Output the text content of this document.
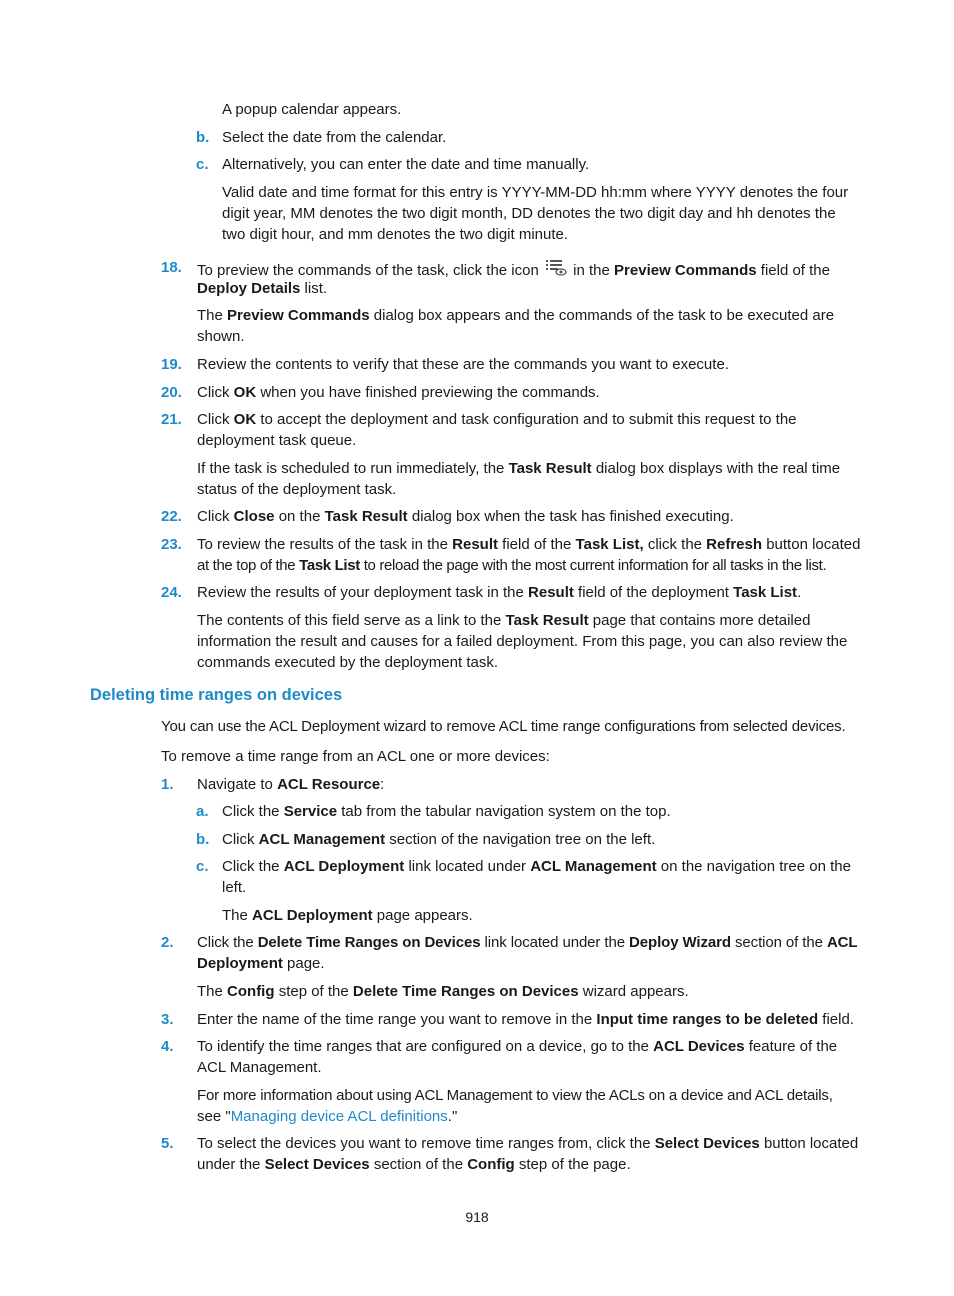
A popup calendar appears.
b. Select the date from the calendar.
c. Alternatively, you can enter the date and time manually.
Valid date and time format for this entry is YYYY-MM-DD hh:mm where YYYY denotes the four
digit year, MM denotes the two digit month, DD denotes the two digit day and hh denotes the
two digit hour, and mm denotes the two digit minute.
18. To preview the commands of the task, click the icon in the Preview Commands field of the
Deploy Details list.
The Preview Commands dialog box appears and the commands of the task to be executed are
shown.
19. Review the contents to verify that these are the commands you want to execute.
20. Click OK when you have finished previewing the commands.
21. Click OK to accept the deployment and task configuration and to submit this request to the
deployment task queue.
If the task is scheduled to run immediately, the Task Result dialog box displays with the real time
status of the deployment task.
22. Click Close on the Task Result dialog box when the task has finished executing.
23. To review the results of the task in the Result field of the Task List, click the Refresh button located
at the top of the Task List to reload the page with the most current information for all tasks in the list.
24. Review the results of your deployment task in the Result field of the deployment Task List.
The contents of this field serve as a link to the Task Result page that contains more detailed
information the result and causes for a failed deployment. From this page, you can also review the
commands executed by the deployment task.
Deleting time ranges on devices
You can use the ACL Deployment wizard to remove ACL time range configurations from selected devices.
To remove a time range from an ACL one or more devices:
1. Navigate to ACL Resource:
a. Click the Service tab from the tabular navigation system on the top.
b. Click ACL Management section of the navigation tree on the left.
c. Click the ACL Deployment link located under ACL Management on the navigation tree on the
left.
The ACL Deployment page appears.
2. Click the Delete Time Ranges on Devices link located under the Deploy Wizard section of the ACL
Deployment page.
The Config step of the Delete Time Ranges on Devices wizard appears.
3. Enter the name of the time range you want to remove in the Input time ranges to be deleted field.
4. To identify the time ranges that are configured on a device, go to the ACL Devices feature of the
ACL Management.
For more information about using ACL Management to view the ACLs on a device and ACL details,
see "Managing device ACL definitions."
5. To select the devices you want to remove time ranges from, click the Select Devices button located
under the Select Devices section of the Config step of the page.
918
